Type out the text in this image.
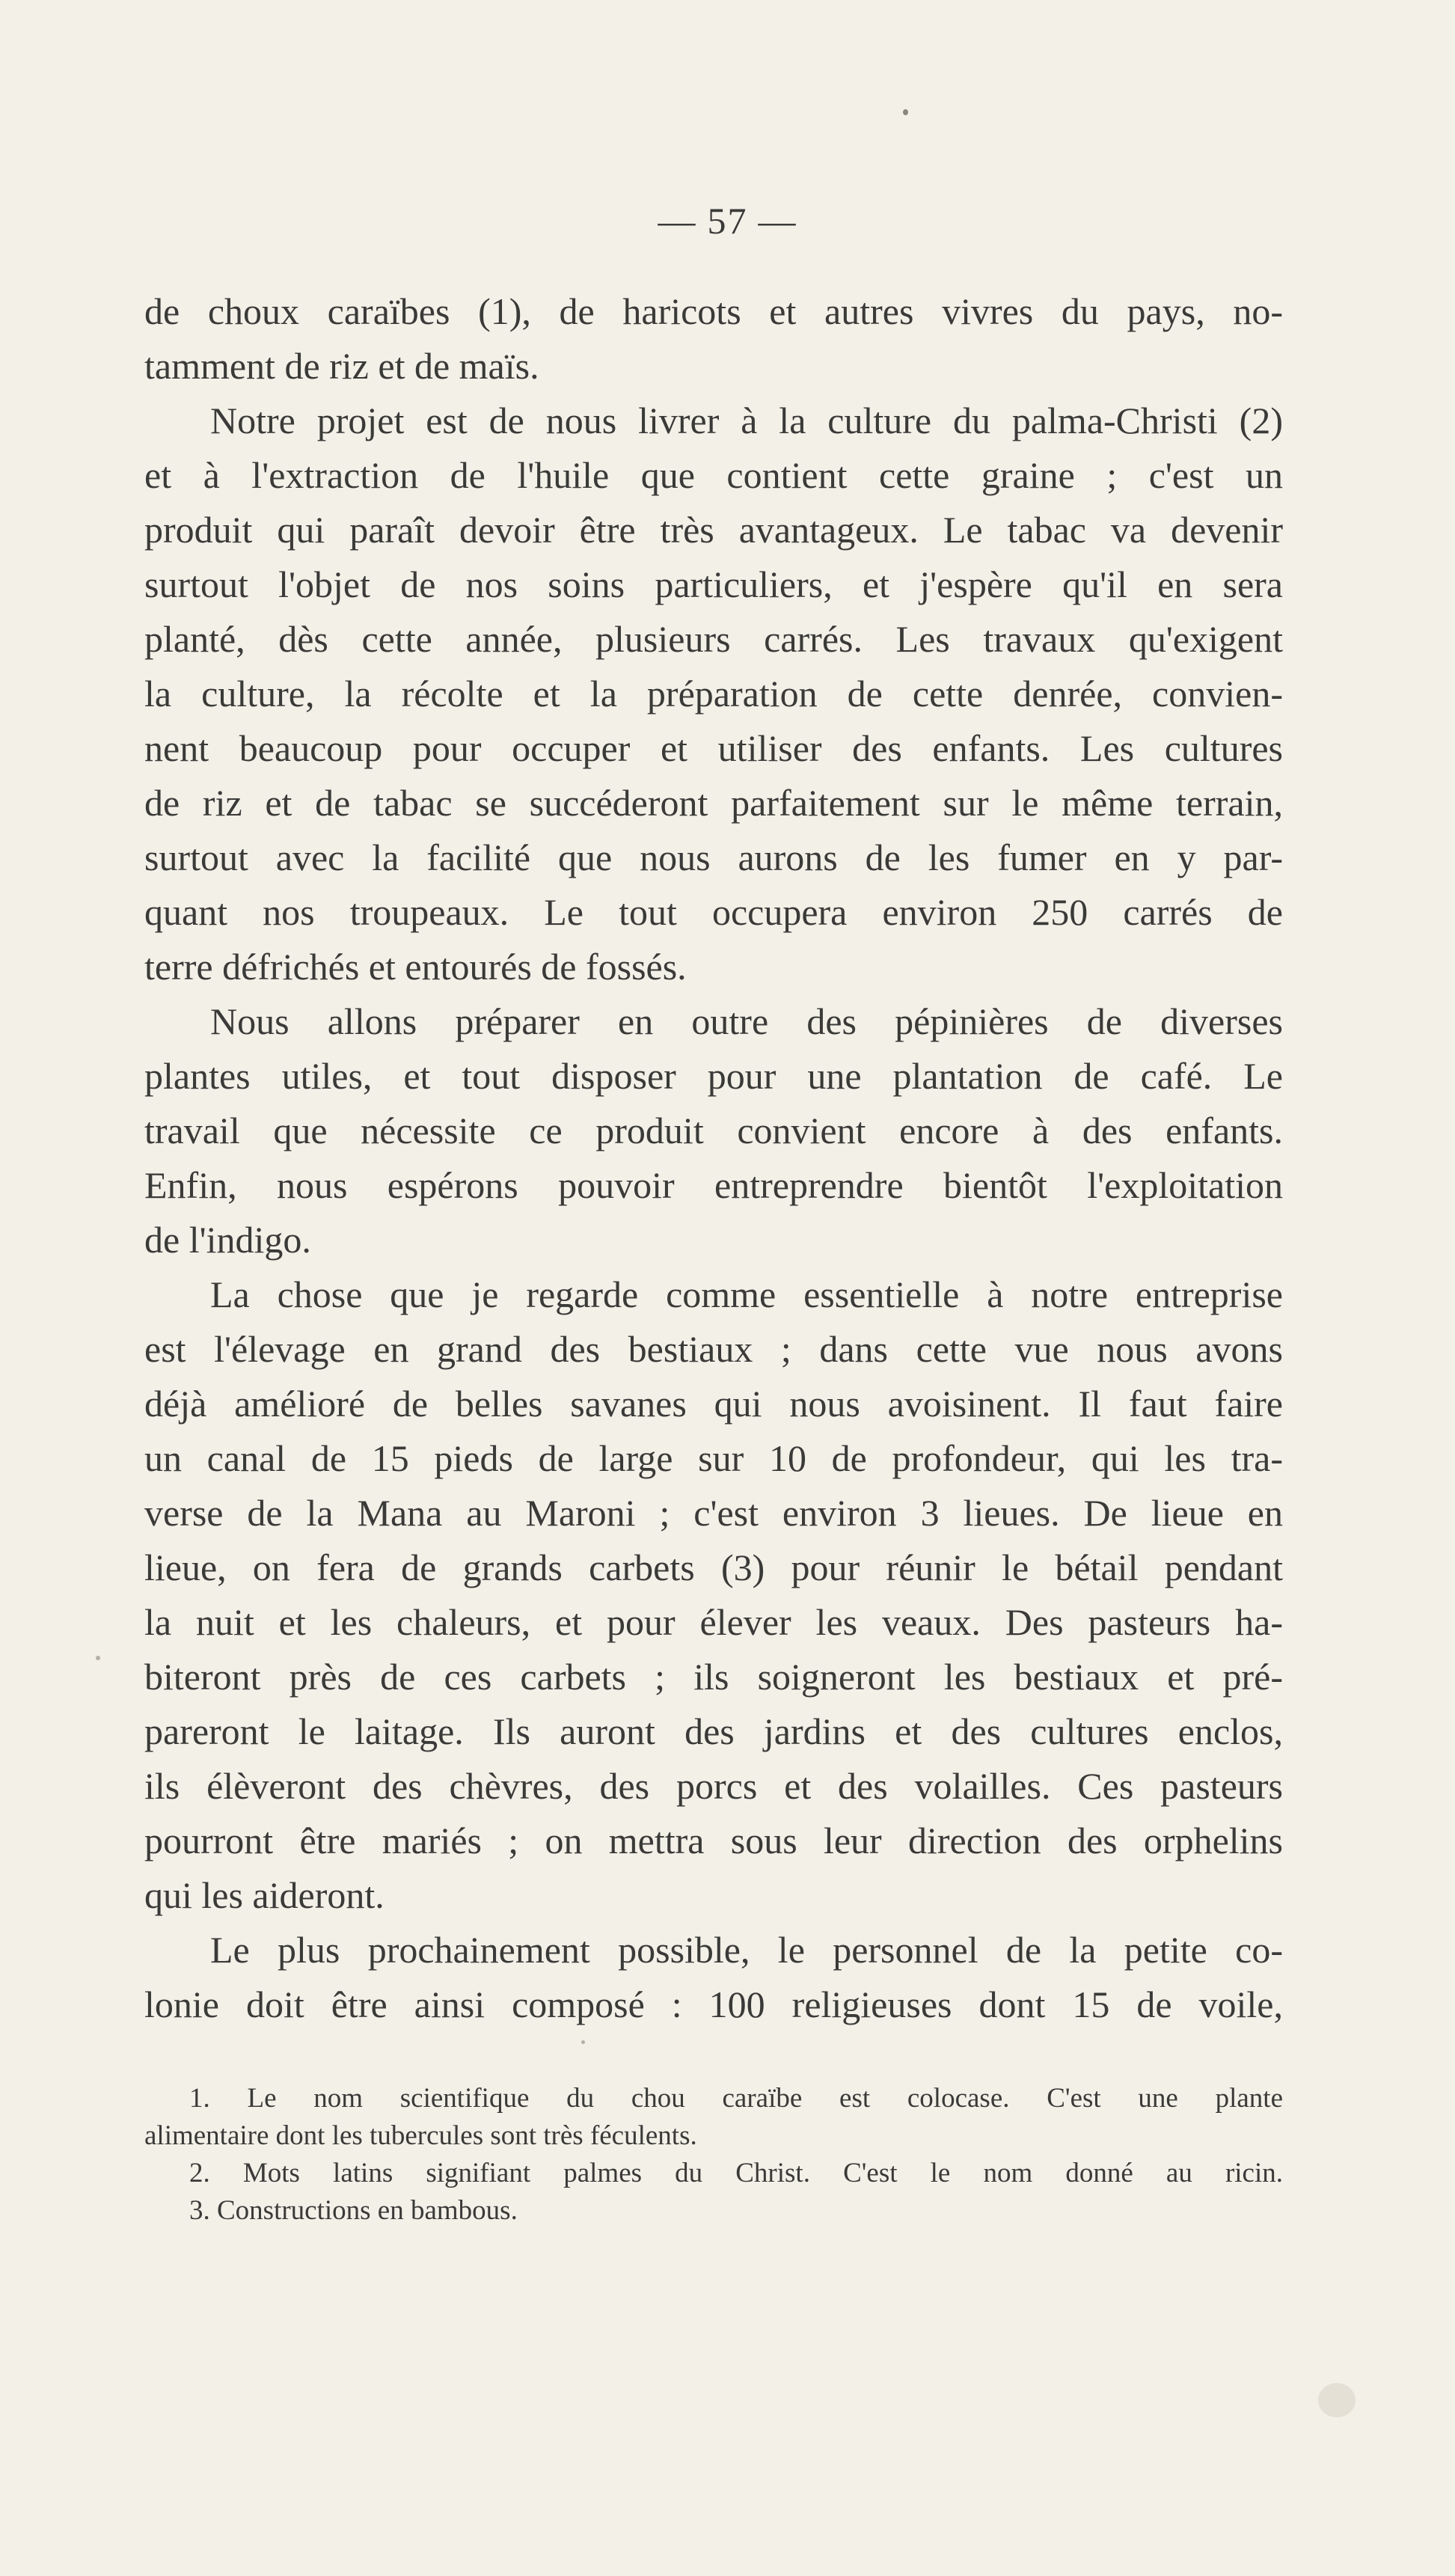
— 57 —
de choux caraïbes (1), de haricots et autres vivres du pays, no-
tamment de riz et de maïs.
Notre projet est de nous livrer à la culture du palma-Christi (2)
et à l'extraction de l'huile que contient cette graine ; c'est un
produit qui paraît devoir être très avantageux. Le tabac va devenir
surtout l'objet de nos soins particuliers, et j'espère qu'il en sera
planté, dès cette année, plusieurs carrés. Les travaux qu'exigent
la culture, la récolte et la préparation de cette denrée, convien-
nent beaucoup pour occuper et utiliser des enfants. Les cultures
de riz et de tabac se succéderont parfaitement sur le même terrain,
surtout avec la facilité que nous aurons de les fumer en y par-
quant nos troupeaux. Le tout occupera environ 250 carrés de
terre défrichés et entourés de fossés.
Nous allons préparer en outre des pépinières de diverses
plantes utiles, et tout disposer pour une plantation de café. Le
travail que nécessite ce produit convient encore à des enfants.
Enfin, nous espérons pouvoir entreprendre bientôt l'exploitation
de l'indigo.
La chose que je regarde comme essentielle à notre entreprise
est l'élevage en grand des bestiaux ; dans cette vue nous avons
déjà amélioré de belles savanes qui nous avoisinent. Il faut faire
un canal de 15 pieds de large sur 10 de profondeur, qui les tra-
verse de la Mana au Maroni ; c'est environ 3 lieues. De lieue en
lieue, on fera de grands carbets (3) pour réunir le bétail pendant
la nuit et les chaleurs, et pour élever les veaux. Des pasteurs ha-
biteront près de ces carbets ; ils soigneront les bestiaux et pré-
pareront le laitage. Ils auront des jardins et des cultures enclos,
ils élèveront des chèvres, des porcs et des volailles. Ces pasteurs
pourront être mariés ; on mettra sous leur direction des orphelins
qui les aideront.
Le plus prochainement possible, le personnel de la petite co-
lonie doit être ainsi composé : 100 religieuses dont 15 de voile,
1. Le nom scientifique du chou caraïbe est colocase. C'est une plante
alimentaire dont les tubercules sont très féculents.
2. Mots latins signifiant palmes du Christ. C'est le nom donné au ricin.
3. Constructions en bambous.
